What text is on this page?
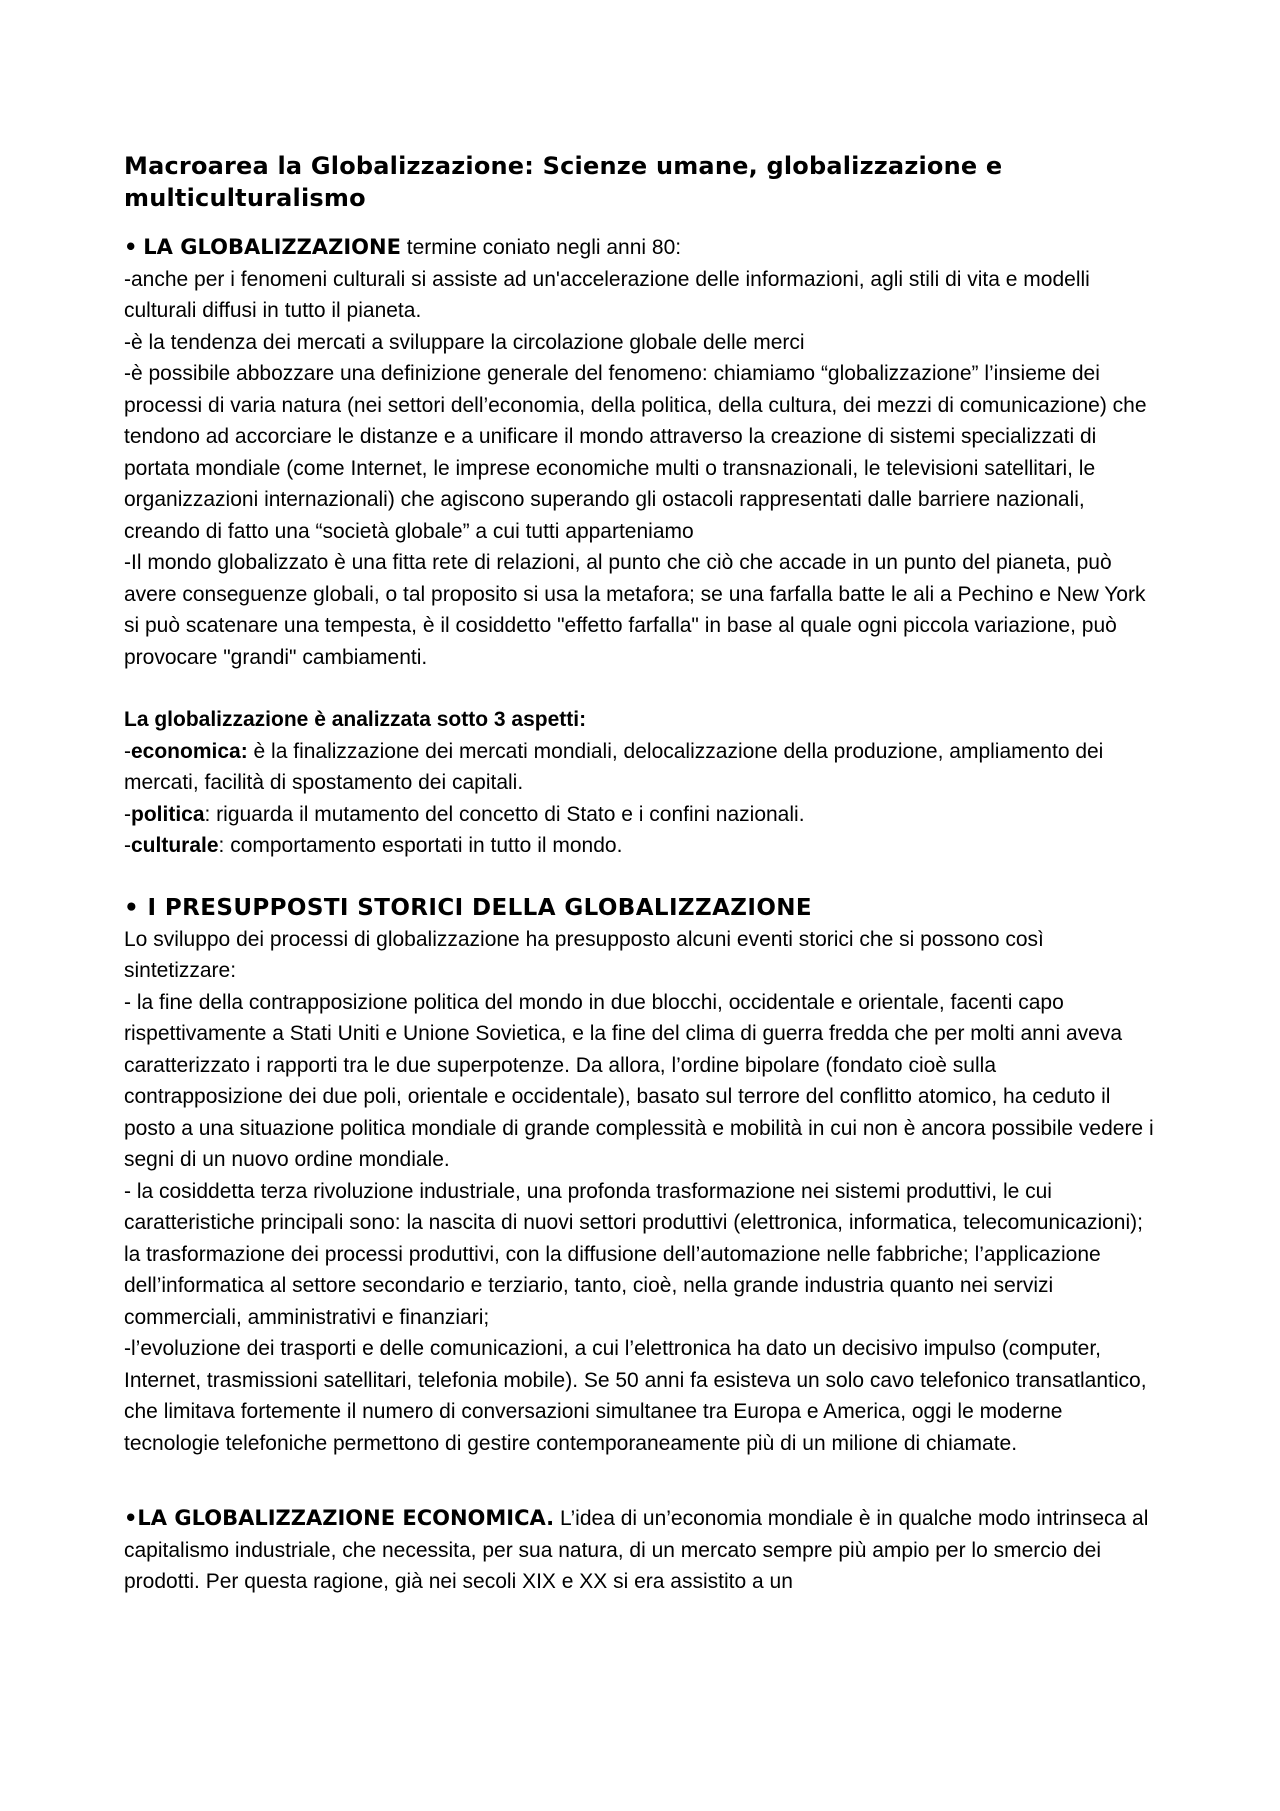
Macroarea la Globalizzazione: Scienze umane, globalizzazione e multiculturalismo

• LA GLOBALIZZAZIONE termine coniato negli anni 80:

-anche per i fenomeni culturali si assiste ad un'accelerazione delle informazioni, agli stili di vita e modelli culturali diffusi in tutto il pianeta.

-è la tendenza dei mercati a sviluppare la circolazione globale delle merci

-è possibile abbozzare una definizione generale del fenomeno: chiamiamo “globalizzazione” l’insieme dei processi di varia natura (nei settori dell’economia, della politica, della cultura, dei mezzi di comunicazione) che tendono ad accorciare le distanze e a unificare il mondo attraverso la creazione di sistemi specializzati di portata mondiale (come Internet, le imprese economiche multi o transnazionali, le televisioni satellitari, le organizzazioni internazionali) che agiscono superando gli ostacoli rappresentati dalle barriere nazionali, creando di fatto una “società globale” a cui tutti apparteniamo

-Il mondo globalizzato è una fitta rete di relazioni, al punto che ciò che accade in un punto del pianeta, può avere conseguenze globali, o tal proposito si usa la metafora; se una farfalla batte le ali a Pechino e New York si può scatenare una tempesta, è il cosiddetto "effetto farfalla" in base al quale ogni piccola variazione, può provocare "grandi" cambiamenti.

La globalizzazione è analizzata sotto 3 aspetti:

-economica: è la finalizzazione dei mercati mondiali, delocalizzazione della produzione, ampliamento dei mercati, facilità di spostamento dei capitali.

-politica: riguarda il mutamento del concetto di Stato e i confini nazionali.

-culturale: comportamento esportati in tutto il mondo.

• I PRESUPPOSTI STORICI DELLA GLOBALIZZAZIONE

Lo sviluppo dei processi di globalizzazione ha presupposto alcuni eventi storici che si possono così sintetizzare:

- la fine della contrapposizione politica del mondo in due blocchi, occidentale e orientale, facenti capo rispettivamente a Stati Uniti e Unione Sovietica, e la fine del clima di guerra fredda che per molti anni aveva caratterizzato i rapporti tra le due superpotenze. Da allora, l’ordine bipolare (fondato cioè sulla contrapposizione dei due poli, orientale e occidentale), basato sul terrore del conflitto atomico, ha ceduto il posto a una situazione politica mondiale di grande complessità e mobilità in cui non è ancora possibile vedere i segni di un nuovo ordine mondiale.

- la cosiddetta terza rivoluzione industriale, una profonda trasformazione nei sistemi produttivi, le cui caratteristiche principali sono: la nascita di nuovi settori produttivi (elettronica, informatica, telecomunicazioni); la trasformazione dei processi produttivi, con la diffusione dell’automazione nelle fabbriche; l’applicazione dell’informatica al settore secondario e terziario, tanto, cioè, nella grande industria quanto nei servizi commerciali, amministrativi e finanziari;

-l’evoluzione dei trasporti e delle comunicazioni, a cui l’elettronica ha dato un decisivo impulso (computer, Internet, trasmissioni satellitari, telefonia mobile). Se 50 anni fa esisteva un solo cavo telefonico transatlantico, che limitava fortemente il numero di conversazioni simultanee tra Europa e America, oggi le moderne tecnologie telefoniche permettono di gestire contemporaneamente più di un milione di chiamate.

•LA GLOBALIZZAZIONE ECONOMICA. L’idea di un’economia mondiale è in qualche modo intrinseca al capitalismo industriale, che necessita, per sua natura, di un mercato sempre più ampio per lo smercio dei prodotti. Per questa ragione, già nei secoli XIX e XX si era assistito a un
